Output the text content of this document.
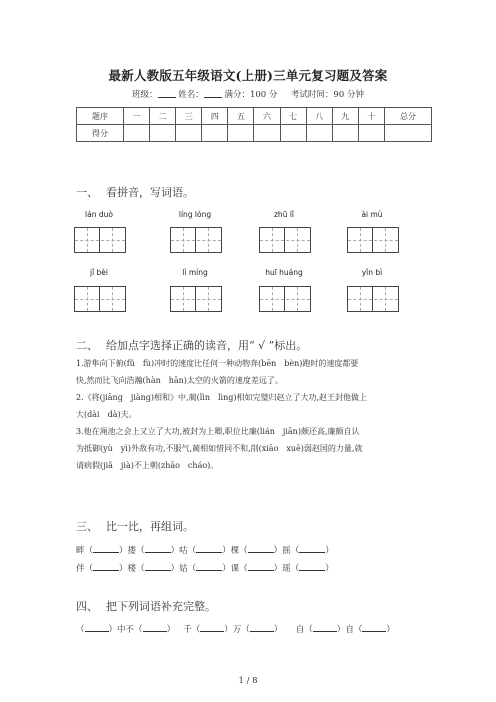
最新人教版五年级语文(上册)三单元复习题及答案
班级： 姓名： 满分：100 分 考试时间：90 分钟
题序	一	二	三	四	五	六	七	八	九	十	总分
得分											
一、 看拼音，写词语。
lán duò	líng lóng	zhū lǐ	ài mù
jǐ bèi	lì míng	huī huáng	yǐn bì
二、 给加点字选择正确的读音，用“ √ ”标出。
1.游隼向下俯(fǔ　fù)冲时的速度比任何一种动物奔(bēn　bèn)跑时的速度都要
快,然而比飞向浩瀚(hàn　hān)太空的火箭的速度差远了。
2.《将(jiāng　jiàng)相和》中,蔺(lìn　lìng)相如完璧归赵立了大功,赵王封他做上
大(dài　dà)夫。
3.他在渑池之会上又立了大功,被封为上卿,职位比廉(lián　jiān)颇还高,廉颇自认
为抵御(yù　yì)外敌有功,不服气,蔺相如惜同不和,削(xiāo　xuē)弱赵国的力量,就
请病假(jiǎ　jià)不上朝(zhāo　cháo)。
三、 比一比，再组词。
畔（	）搂（	）咕（	）棵（	）摇（	）
伴（	）楼（	）姑（	）课（	）瑶（	）
四、 把下列词语补充完整。
（	）中不（	）   千（	）万（	）     自（	）自（	）
1 / 8
